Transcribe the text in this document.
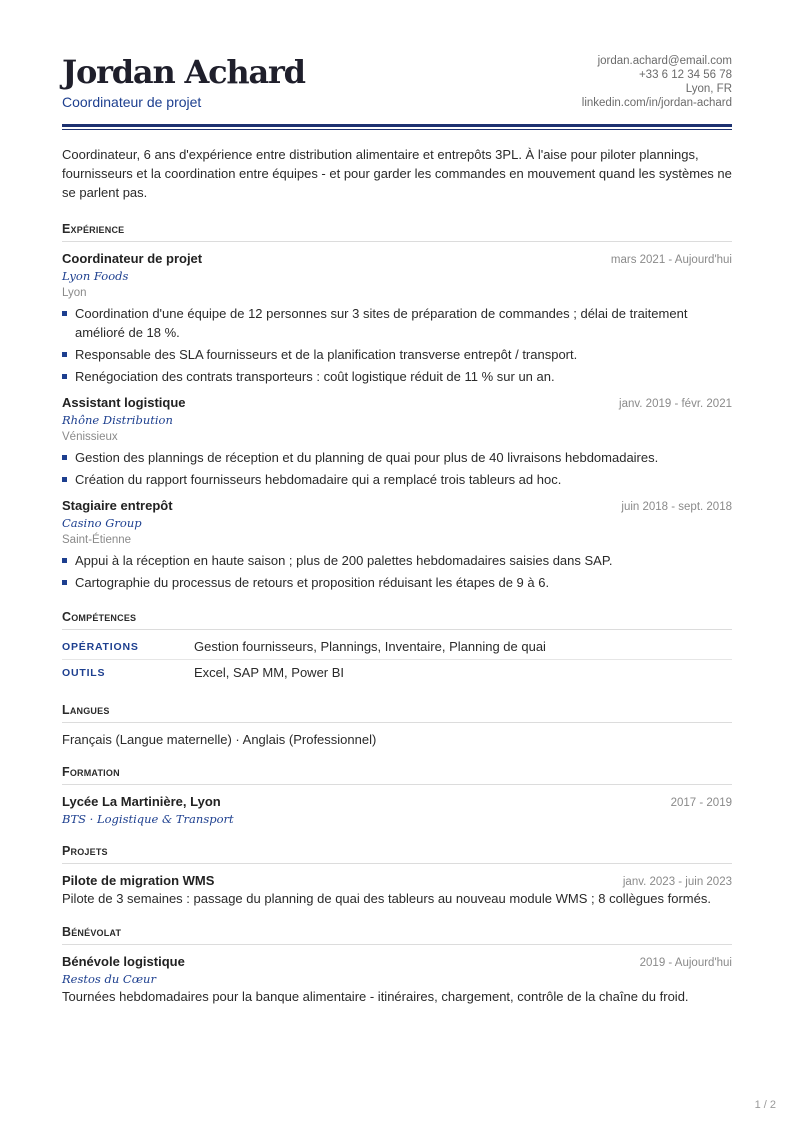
Jordan Achard
Coordinateur de projet
jordan.achard@email.com
+33 6 12 34 56 78
Lyon, FR
linkedin.com/in/jordan-achard

Coordinateur, 6 ans d'expérience entre distribution alimentaire et entrepôts 3PL. À l'aise pour piloter plannings, fournisseurs et la coordination entre équipes - et pour garder les commandes en mouvement quand les systèmes ne se parlent pas.

Expérience
Coordinateur de projet	mars 2021 - Aujourd'hui
Lyon Foods
Lyon
Coordination d'une équipe de 12 personnes sur 3 sites de préparation de commandes ; délai de traitement amélioré de 18 %.
Responsable des SLA fournisseurs et de la planification transverse entrepôt / transport.
Renégociation des contrats transporteurs : coût logistique réduit de 11 % sur un an.
Assistant logistique	janv. 2019 - févr. 2021
Rhône Distribution
Vénissieux
Gestion des plannings de réception et du planning de quai pour plus de 40 livraisons hebdomadaires.
Création du rapport fournisseurs hebdomadaire qui a remplacé trois tableurs ad hoc.
Stagiaire entrepôt	juin 2018 - sept. 2018
Casino Group
Saint-Étienne
Appui à la réception en haute saison ; plus de 200 palettes hebdomadaires saisies dans SAP.
Cartographie du processus de retours et proposition réduisant les étapes de 9 à 6.
Compétences
OPÉRATIONS	Gestion fournisseurs, Plannings, Inventaire, Planning de quai
OUTILS	Excel, SAP MM, Power BI
Langues
Français (Langue maternelle) · Anglais (Professionnel)
Formation
Lycée La Martinière, Lyon	2017 - 2019
BTS · Logistique & Transport
Projets
Pilote de migration WMS	janv. 2023 - juin 2023
Pilote de 3 semaines : passage du planning de quai des tableurs au nouveau module WMS ; 8 collègues formés.
Bénévolat
Bénévole logistique	2019 - Aujourd'hui
Restos du Cœur
Tournées hebdomadaires pour la banque alimentaire - itinéraires, chargement, contrôle de la chaîne du froid.
1 / 2
